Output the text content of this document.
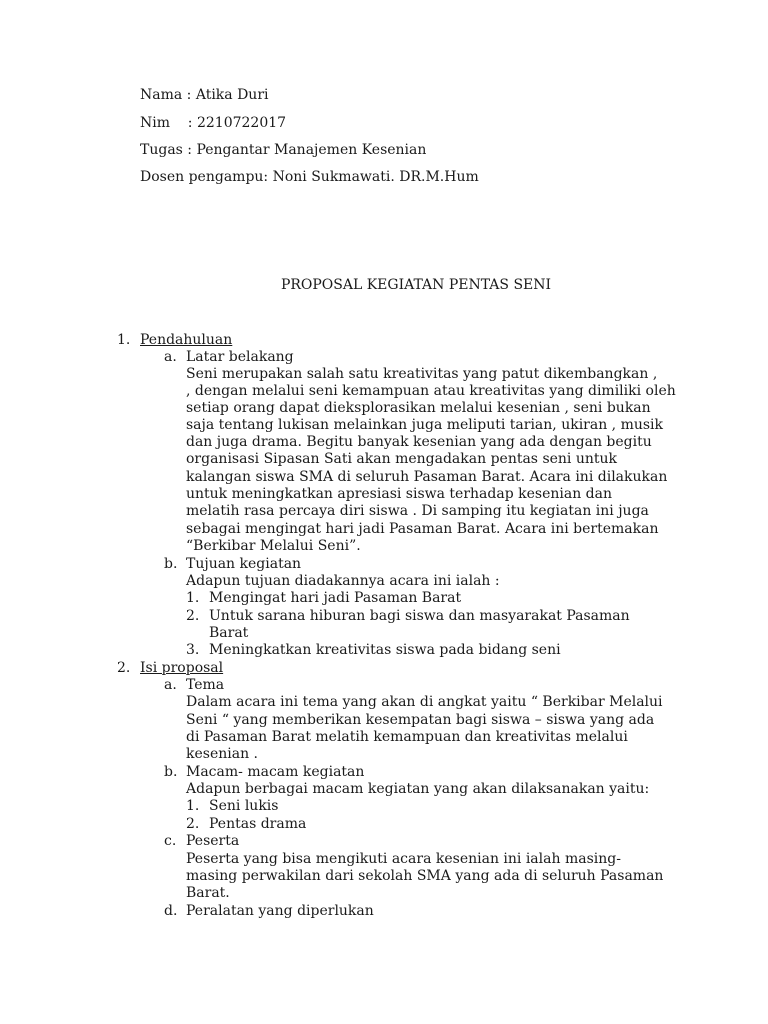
Nama : Atika Duri
Nim    : 2210722017
Tugas : Pengantar Manajemen Kesenian
Dosen pengampu: Noni Sukmawati. DR.M.Hum
PROPOSAL KEGIATAN PENTAS SENI
1. Pendahuluan
a. Latar belakang
Seni merupakan salah satu kreativitas yang patut dikembangkan ,
, dengan melalui seni kemampuan atau kreativitas yang dimiliki oleh
setiap orang dapat dieksplorasikan melalui kesenian , seni bukan
saja tentang lukisan melainkan juga meliputi tarian, ukiran , musik
dan juga drama. Begitu banyak kesenian yang ada dengan begitu
organisasi Sipasan Sati akan mengadakan pentas seni untuk
kalangan siswa SMA di seluruh Pasaman Barat. Acara ini dilakukan
untuk meningkatkan apresiasi siswa terhadap kesenian dan
melatih rasa percaya diri siswa . Di samping itu kegiatan ini juga
sebagai mengingat hari jadi Pasaman Barat. Acara ini bertemakan
“Berkibar Melalui Seni”.
b. Tujuan kegiatan
Adapun tujuan diadakannya acara ini ialah :
1. Mengingat hari jadi Pasaman Barat
2. Untuk sarana hiburan bagi siswa dan masyarakat Pasaman
Barat
3. Meningkatkan kreativitas siswa pada bidang seni
2. Isi proposal
a. Tema
Dalam acara ini tema yang akan di angkat yaitu “ Berkibar Melalui
Seni “ yang memberikan kesempatan bagi siswa – siswa yang ada
di Pasaman Barat melatih kemampuan dan kreativitas melalui
kesenian .
b. Macam- macam kegiatan
Adapun berbagai macam kegiatan yang akan dilaksanakan yaitu:
1. Seni lukis
2. Pentas drama
c. Peserta
Peserta yang bisa mengikuti acara kesenian ini ialah masing-
masing perwakilan dari sekolah SMA yang ada di seluruh Pasaman
Barat.
d. Peralatan yang diperlukan
